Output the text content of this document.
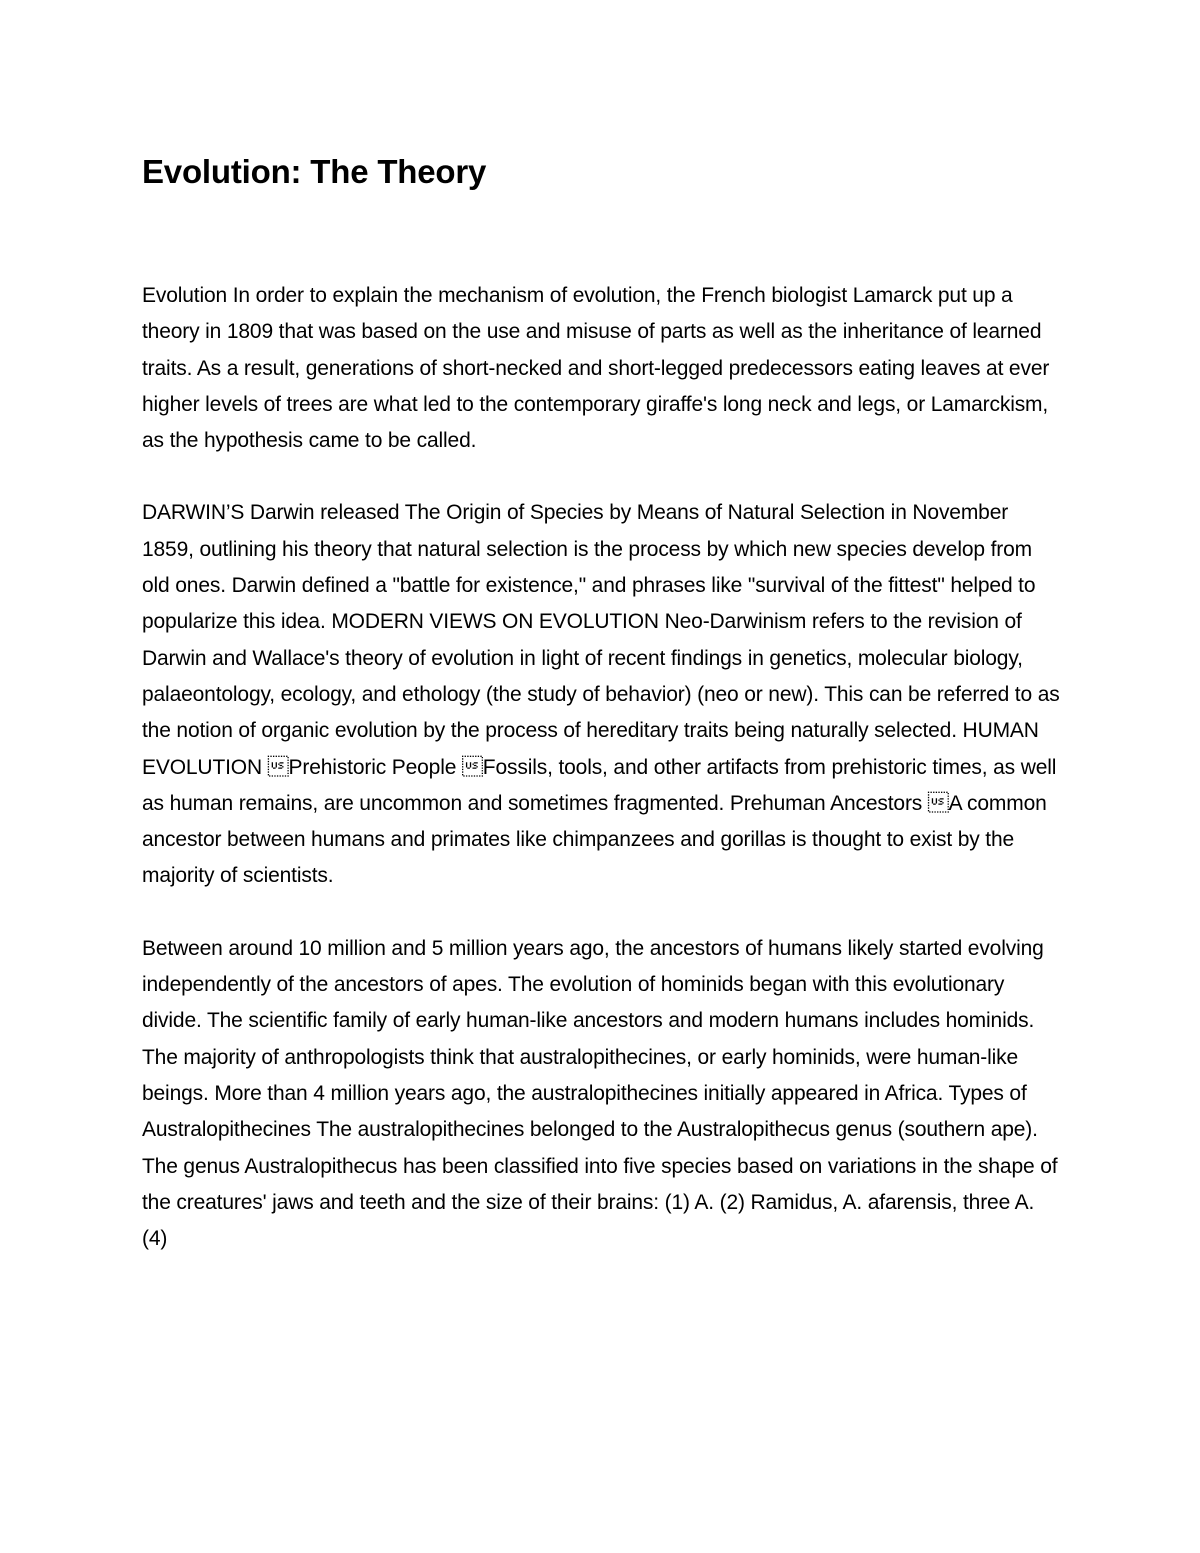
Evolution: The Theory

Evolution In order to explain the mechanism of evolution, the French biologist Lamarck put up a theory in 1809 that was based on the use and misuse of parts as well as the inheritance of learned traits. As a result, generations of short-necked and short-legged predecessors eating leaves at ever higher levels of trees are what led to the contemporary giraffe's long neck and legs, or Lamarckism, as the hypothesis came to be called.

DARWIN’S Darwin released The Origin of Species by Means of Natural Selection in November 1859, outlining his theory that natural selection is the process by which new species develop from old ones. Darwin defined a "battle for existence," and phrases like "survival of the fittest" helped to popularize this idea. MODERN VIEWS ON EVOLUTION Neo-Darwinism refers to the revision of Darwin and Wallace's theory of evolution in light of recent findings in genetics, molecular biology, palaeontology, ecology, and ethology (the study of behavior) (neo or new). This can be referred to as the notion of organic evolution by the process of hereditary traits being naturally selected. HUMAN EVOLUTION Prehistoric People Fossils, tools, and other artifacts from prehistoric times, as well as human remains, are uncommon and sometimes fragmented. Prehuman Ancestors A common ancestor between humans and primates like chimpanzees and gorillas is thought to exist by the majority of scientists.

Between around 10 million and 5 million years ago, the ancestors of humans likely started evolving independently of the ancestors of apes. The evolution of hominids began with this evolutionary divide. The scientific family of early human-like ancestors and modern humans includes hominids. The majority of anthropologists think that australopithecines, or early hominids, were human-like beings. More than 4 million years ago, the australopithecines initially appeared in Africa. Types of Australopithecines The australopithecines belonged to the Australopithecus genus (southern ape). The genus Australopithecus has been classified into five species based on variations in the shape of the creatures' jaws and teeth and the size of their brains: (1) A. (2) Ramidus, A. afarensis, three A. (4)
